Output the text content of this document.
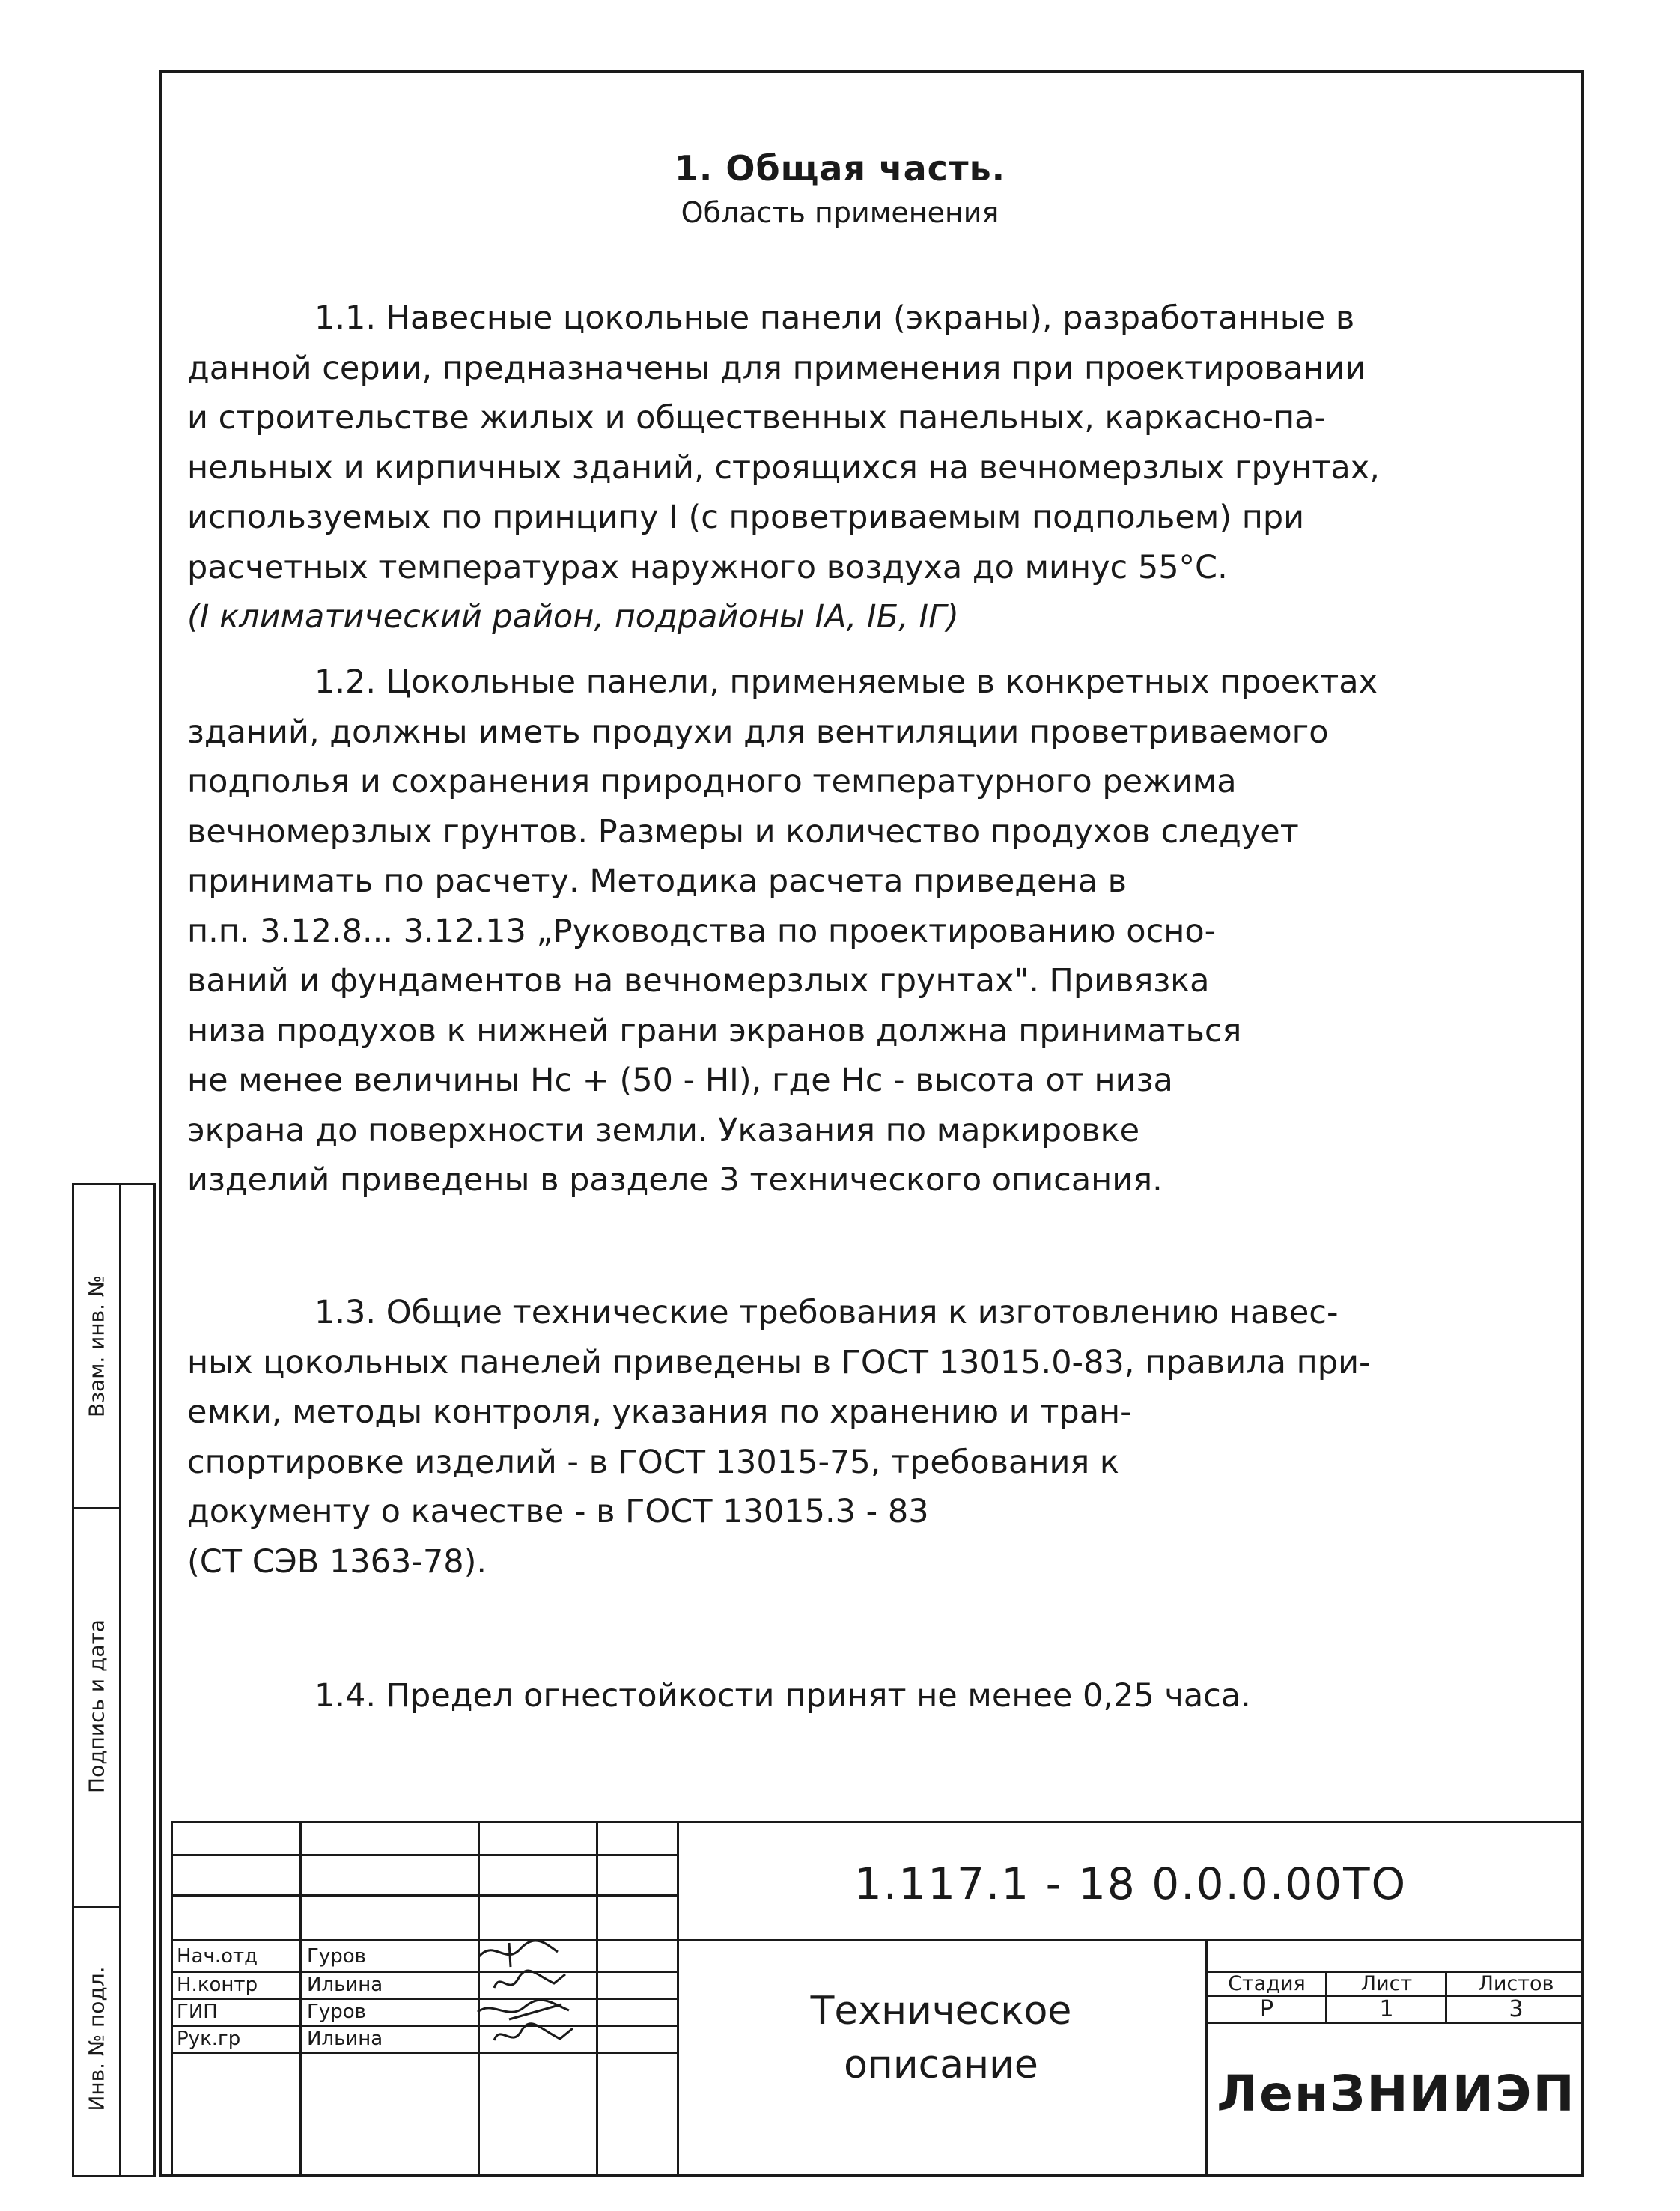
1. Общая часть.
Область применения

1.1. Навесные цокольные панели (экраны), разработанные в

данной серии, предназначены для применения при проектировании

и строительстве жилых и общественных панельных, каркасно-па-

нельных и кирпичных зданий, строящихся на вечномерзлых грунтах,

используемых по принципу I (с проветриваемым подпольем) при

расчетных температурах наружного воздуха до минус 55°С.

(I климатический район, подрайоны IА, IБ, IГ)

1.2. Цокольные панели, применяемые в конкретных проектах

зданий, должны иметь продухи для вентиляции проветриваемого

подполья и сохранения природного температурного режима

вечномерзлых грунтов. Размеры и количество продухов следует

принимать по расчету. Методика расчета приведена в

п.п. 3.12.8... 3.12.13 „Руководства по проектированию осно-

ваний и фундаментов на вечномерзлых грунтах". Привязка

низа продухов к нижней грани экранов должна приниматься

не менее величины Нс + (50 - НI), где Нс - высота от низа

экрана до поверхности земли. Указания по маркировке

изделий приведены в разделе 3 технического описания.

1.3. Общие технические требования к изготовлению навес-

ных цокольных панелей приведены в ГОСТ 13015.0-83, правила при-

емки, методы контроля, указания по хранению и тран-

спортировке изделий - в ГОСТ 13015-75, требования к

документу о качестве - в ГОСТ 13015.3 - 83

(СТ СЭВ 1363-78).

1.4. Предел огнестойкости принят не менее 0,25 часа.

Взам. инв. №
Подпись и дата
Инв. № подл.
1.117.1 - 18 0.0.0.00ТО
Техническое
описание
Стадия	Лист	Листов
Р	1	3
ЛенЗНИИЭП
Нач.отд	Гуров
Н.контр	Ильина
ГИП	Гуров
Рук.гр	Ильина
